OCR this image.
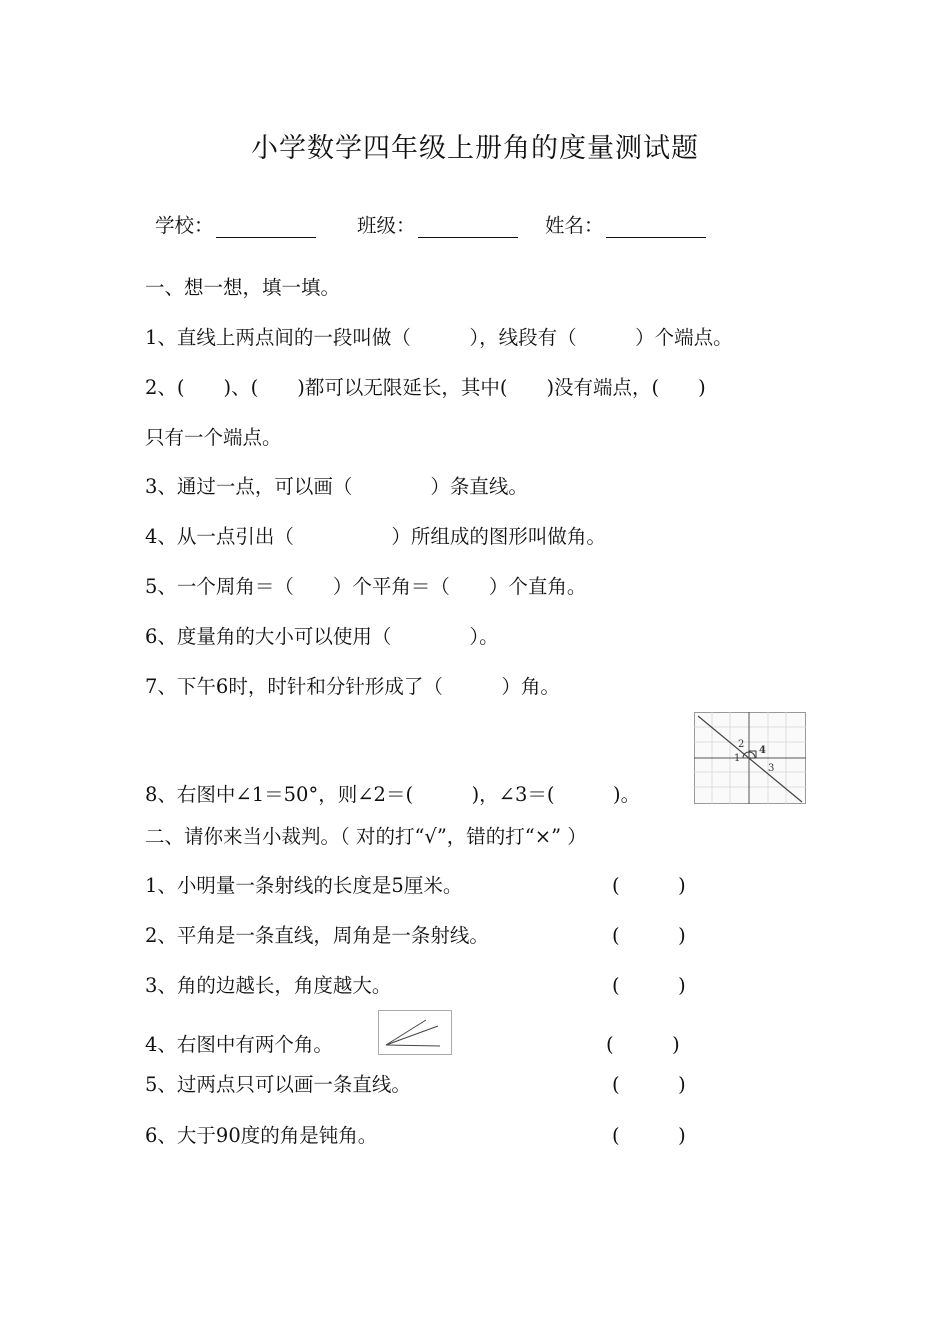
小学数学四年级上册角的度量测试题
学校：	班级：	姓名：
一、想一想，填一填。
1、直线上两点间的一段叫做（　　　），线段有（　　　）个端点。
2、(　　)、(　　)都可以无限延长，其中(　　)没有端点，(　　)
只有一个端点。
3、通过一点，可以画（　　　　）条直线。
4、从一点引出（　　　　　）所组成的图形叫做角。
5、一个周角＝（　　）个平角＝（　　）个直角。
6、度量角的大小可以使用（　　　　）。
7、下午6时，时针和分针形成了（　　　）角。
8、右图中∠1＝50°，则∠2＝(　　　)，∠3＝(　　　)。
1
2
3
4
二、请你来当小裁判。（ 对的打“√”，错的打“×” ）
1、小明量一条射线的长度是5厘米。	(　　　)
2、平角是一条直线，周角是一条射线。	(　　　)
3、角的边越长，角度越大。	(　　　)
4、右图中有两个角。	(　　　)
5、过两点只可以画一条直线。	(　　　)
6、大于90度的角是钝角。	(　　　)
